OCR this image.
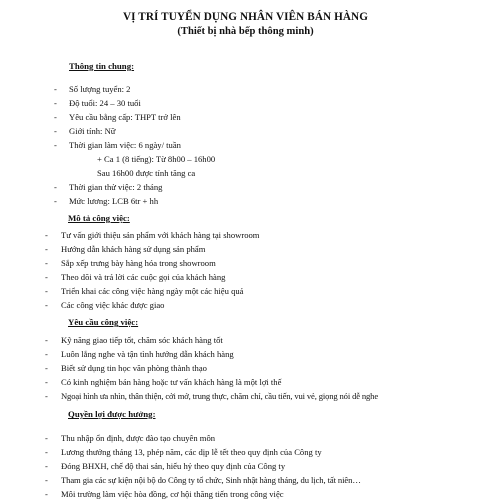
VỊ TRÍ TUYỂN DỤNG NHÂN VIÊN BÁN HÀNG
(Thiết bị nhà bếp thông minh)
Thông tin chung:
- Số lượng tuyển: 2
- Độ tuổi: 24 – 30 tuổi
- Yêu cầu bằng cấp: THPT trở lên
- Giới tính: Nữ
- Thời gian làm việc: 6 ngày/ tuần
+ Ca 1 (8 tiếng): Từ 8h00 – 16h00
Sau 16h00 được tính tăng ca
- Thời gian thử việc: 2 tháng
- Mức lương: LCB 6tr + hh
Mô tả công việc:
- Tư vấn giới thiệu sản phẩm với khách hàng tại showroom
- Hướng dẫn khách hàng sử dụng sản phẩm
- Sắp xếp trưng bày hàng hóa trong showroom
- Theo dõi và trả lời các cuộc gọi của khách hàng
- Triển khai các công việc hàng ngày một các hiệu quả
- Các công việc khác được giao
Yêu cầu công việc:
- Kỹ năng giao tiếp tốt, chăm sóc khách hàng tốt
- Luôn lắng nghe và tận tình hướng dẫn khách hàng
- Biết sử dụng tin học văn phòng thành thạo
- Có kinh nghiệm bán hàng hoặc tư vấn khách hàng là một lợi thế
- Ngoại hình ưa nhìn, thân thiện, cởi mở, trung thực, chăm chỉ, cầu tiến, vui vẻ, giọng nói dễ nghe
Quyền lợi được hưởng:
- Thu nhập ổn định, được đào tạo chuyên môn
- Lương thưởng tháng 13, phép năm, các dịp lễ tết theo quy định của Công ty
- Đóng BHXH, chế độ thai sản, hiếu hỷ theo quy định của Công ty
- Tham gia các sự kiện nội bộ do Công ty tổ chức, Sinh nhật hàng tháng, du lịch, tất niên…
- Môi trường làm việc hòa đồng, cơ hội thăng tiến trong công việc
